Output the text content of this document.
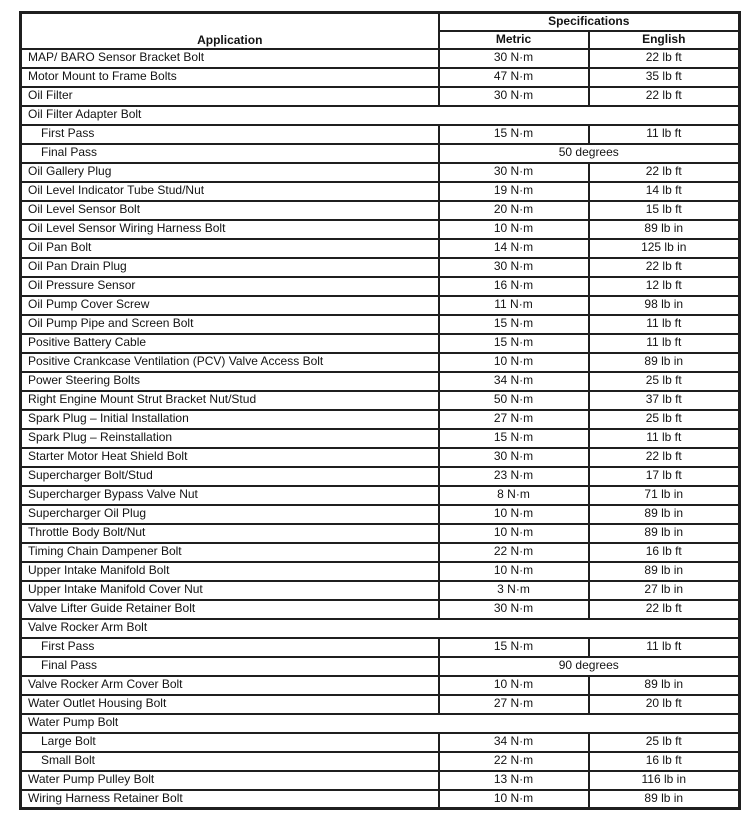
Application	Specifications	
	Metric	English
MAP/ BARO Sensor Bracket Bolt	30 N·m	22 lb ft
Motor Mount to Frame Bolts	47 N·m	35 lb ft
Oil Filter	30 N·m	22 lb ft
Oil Filter Adapter Bolt		
First Pass	15 N·m	11 lb ft
Final Pass	50 degrees	
Oil Gallery Plug	30 N·m	22 lb ft
Oil Level Indicator Tube Stud/Nut	19 N·m	14 lb ft
Oil Level Sensor Bolt	20 N·m	15 lb ft
Oil Level Sensor Wiring Harness Bolt	10 N·m	89 lb in
Oil Pan Bolt	14 N·m	125 lb in
Oil Pan Drain Plug	30 N·m	22 lb ft
Oil Pressure Sensor	16 N·m	12 lb ft
Oil Pump Cover Screw	11 N·m	98 lb in
Oil Pump Pipe and Screen Bolt	15 N·m	11 lb ft
Positive Battery Cable	15 N·m	11 lb ft
Positive Crankcase Ventilation (PCV) Valve Access Bolt	10 N·m	89 lb in
Power Steering Bolts	34 N·m	25 lb ft
Right Engine Mount Strut Bracket Nut/Stud	50 N·m	37 lb ft
Spark Plug – Initial Installation	27 N·m	25 lb ft
Spark Plug – Reinstallation	15 N·m	11 lb ft
Starter Motor Heat Shield Bolt	30 N·m	22 lb ft
Supercharger Bolt/Stud	23 N·m	17 lb ft
Supercharger Bypass Valve Nut	8 N·m	71 lb in
Supercharger Oil Plug	10 N·m	89 lb in
Throttle Body Bolt/Nut	10 N·m	89 lb in
Timing Chain Dampener Bolt	22 N·m	16 lb ft
Upper Intake Manifold Bolt	10 N·m	89 lb in
Upper Intake Manifold Cover Nut	3 N·m	27 lb in
Valve Lifter Guide Retainer Bolt	30 N·m	22 lb ft
Valve Rocker Arm Bolt		
First Pass	15 N·m	11 lb ft
Final Pass	90 degrees	
Valve Rocker Arm Cover Bolt	10 N·m	89 lb in
Water Outlet Housing Bolt	27 N·m	20 lb ft
Water Pump Bolt		
Large Bolt	34 N·m	25 lb ft
Small Bolt	22 N·m	16 lb ft
Water Pump Pulley Bolt	13 N·m	116 lb in
Wiring Harness Retainer Bolt	10 N·m	89 lb in
